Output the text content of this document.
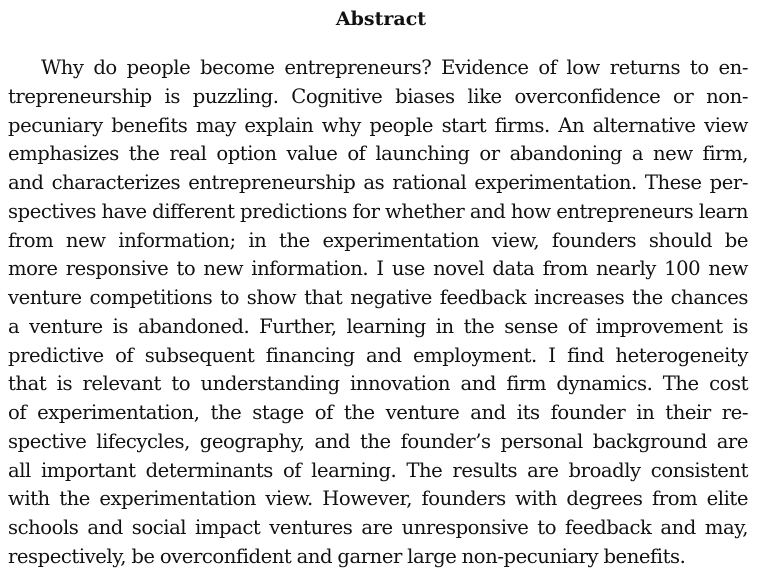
Abstract
Why do people become entrepreneurs? Evidence of low returns to en-
trepreneurship is puzzling. Cognitive biases like overconfidence or non-
pecuniary benefits may explain why people start firms. An alternative view
emphasizes the real option value of launching or abandoning a new firm,
and characterizes entrepreneurship as rational experimentation. These per-
spectives have different predictions for whether and how entrepreneurs learn
from new information; in the experimentation view, founders should be
more responsive to new information. I use novel data from nearly 100 new
venture competitions to show that negative feedback increases the chances
a venture is abandoned. Further, learning in the sense of improvement is
predictive of subsequent financing and employment. I find heterogeneity
that is relevant to understanding innovation and firm dynamics. The cost
of experimentation, the stage of the venture and its founder in their re-
spective lifecycles, geography, and the founder’s personal background are
all important determinants of learning. The results are broadly consistent
with the experimentation view. However, founders with degrees from elite
schools and social impact ventures are unresponsive to feedback and may,
respectively, be overconfident and garner large non-pecuniary benefits.
